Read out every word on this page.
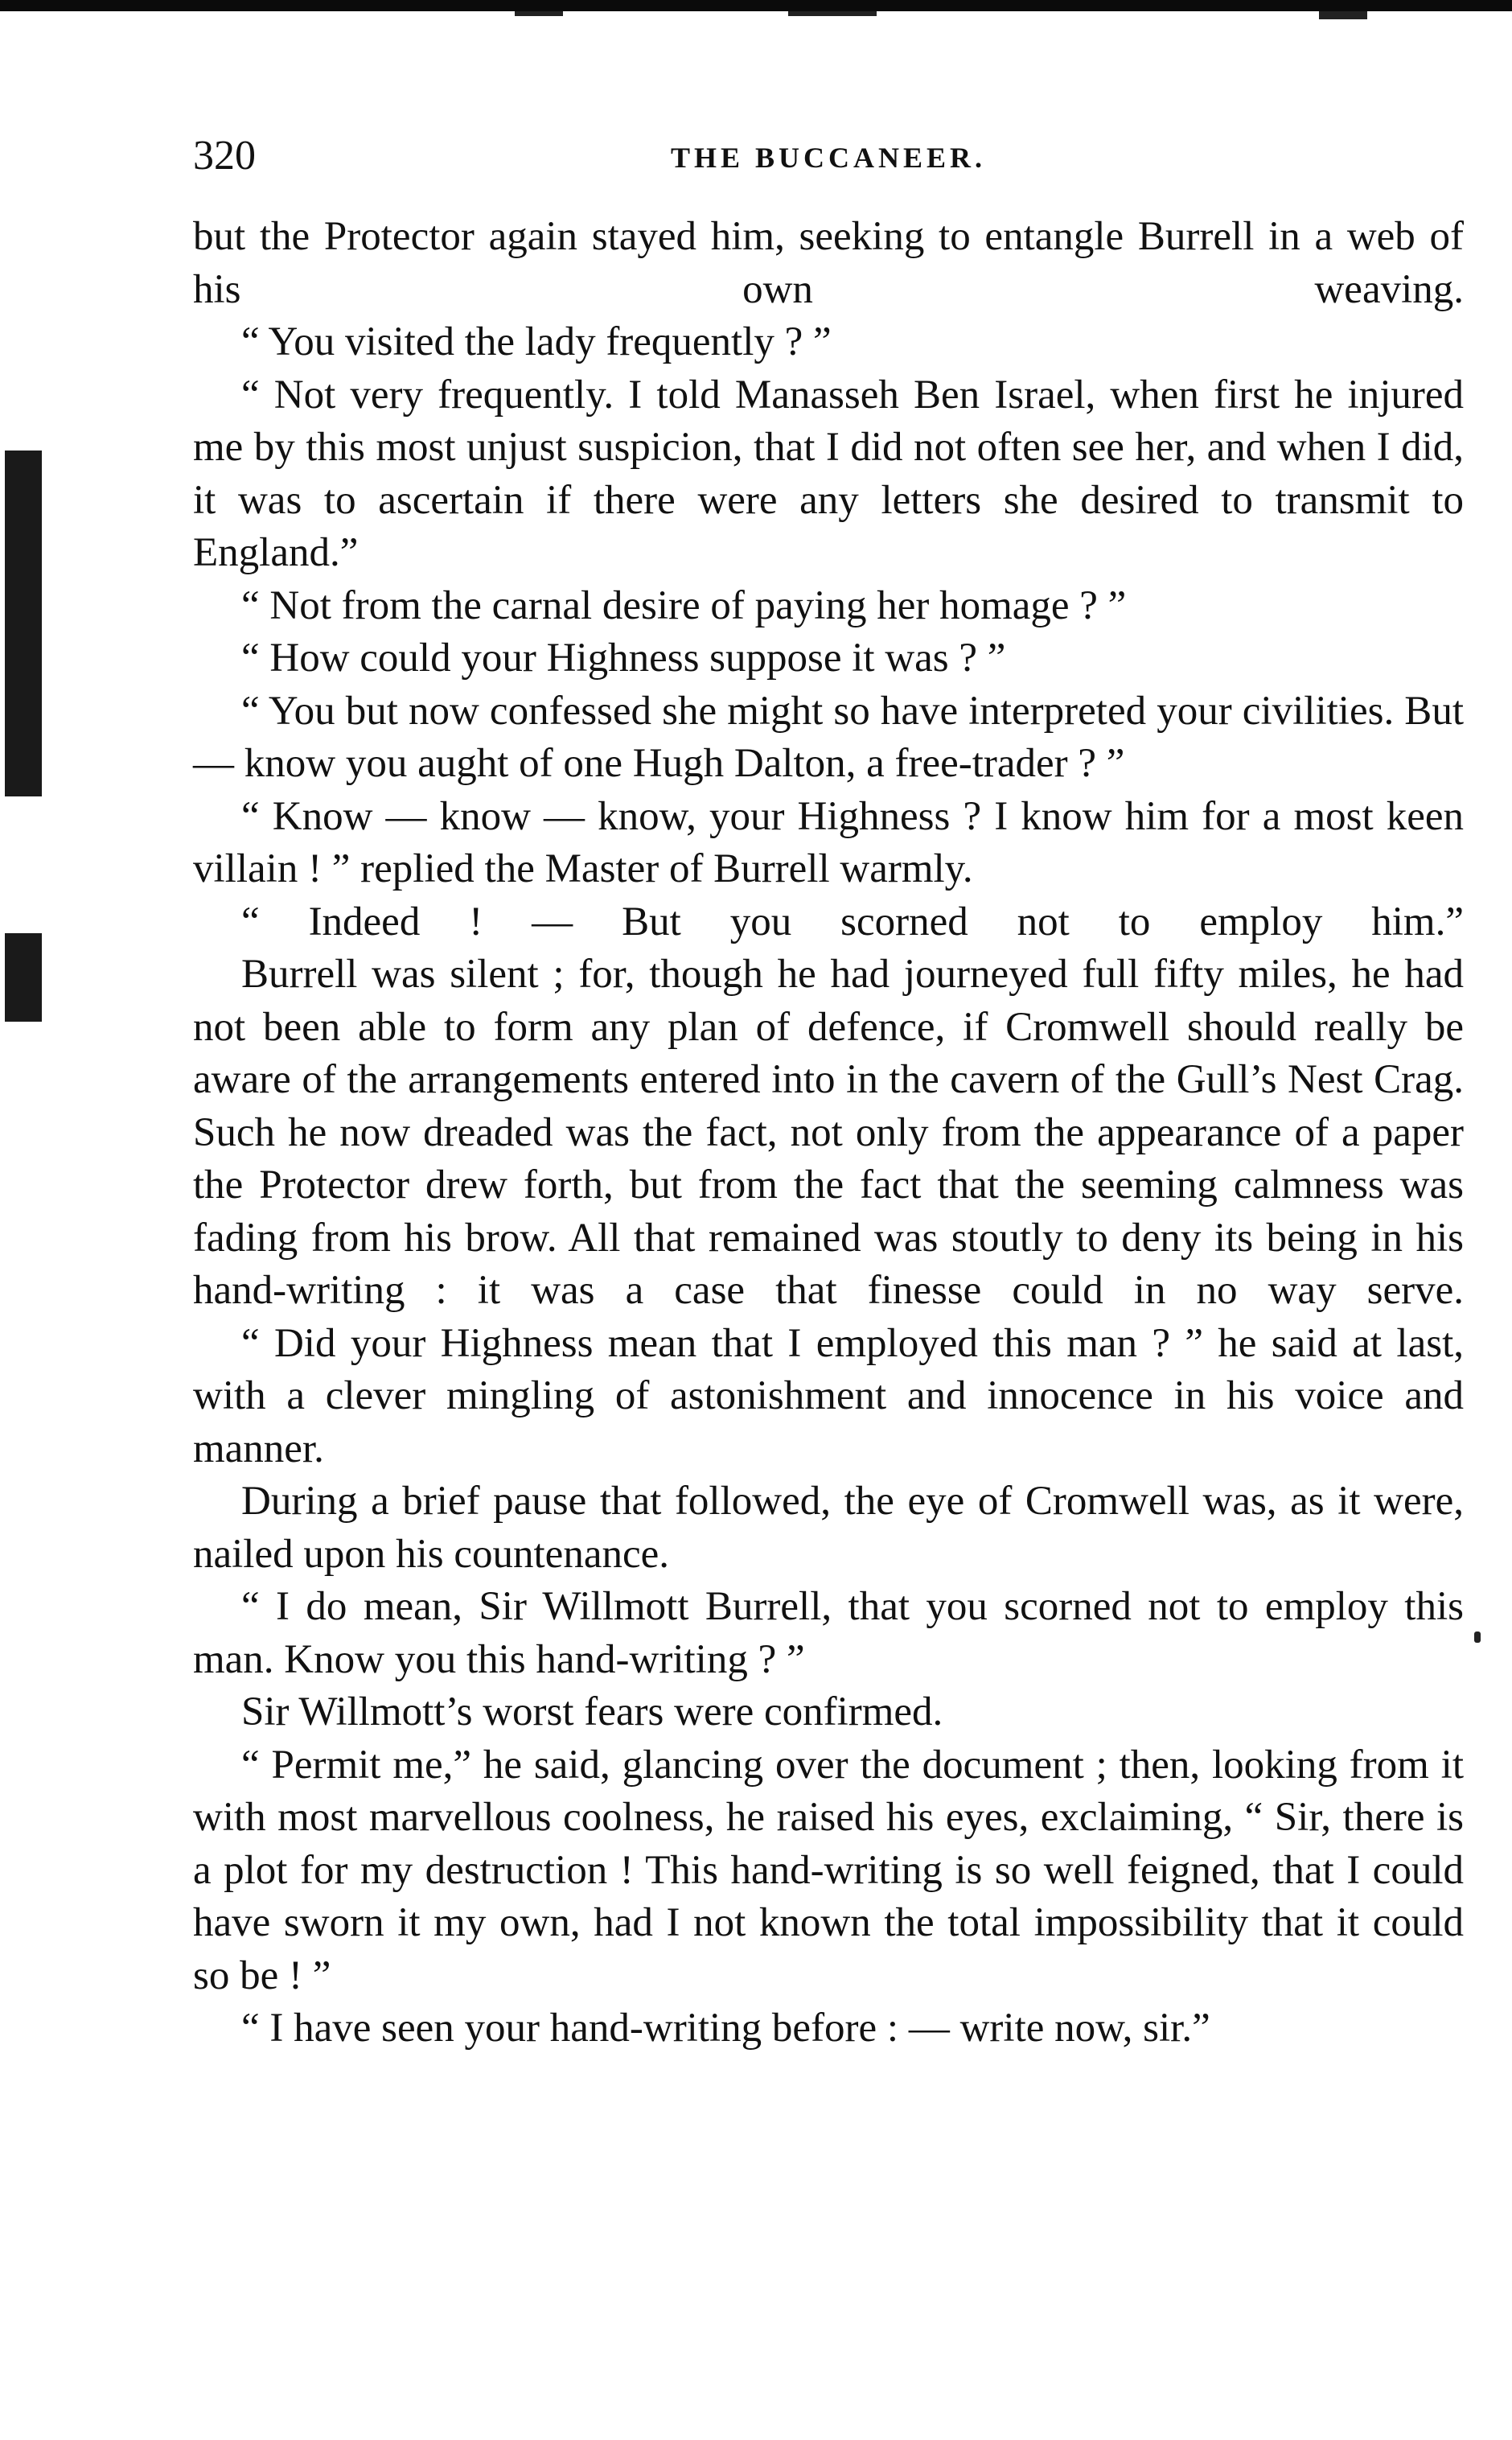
320	THE BUCCANEER.

but the Protector again stayed him, seeking to entangle Burrell in a web of his own weaving.

“ You visited the lady frequently ? ”

“ Not very frequently. I told Manasseh Ben Israel, when first he injured me by this most unjust suspicion, that I did not often see her, and when I did, it was to ascertain if there were any letters she desired to transmit to England.”

“ Not from the carnal desire of paying her homage ? ”

“ How could your Highness suppose it was ? ”

“ You but now confessed she might so have interpreted your civilities. But — know you aught of one Hugh Dalton, a free-trader ? ”

“ Know — know — know, your Highness ? I know him for a most keen villain ! ” replied the Master of Burrell warmly.

“ Indeed ! — But you scorned not to employ him.”

Burrell was silent ; for, though he had journeyed full fifty miles, he had not been able to form any plan of defence, if Cromwell should really be aware of the arrangements entered into in the cavern of the Gull’s Nest Crag. Such he now dreaded was the fact, not only from the appearance of a paper the Protector drew forth, but from the fact that the seeming calmness was fading from his brow. All that remained was stoutly to deny its being in his hand-writing : it was a case that finesse could in no way serve.

“ Did your Highness mean that I employed this man ? ” he said at last, with a clever mingling of astonishment and innocence in his voice and manner.

During a brief pause that followed, the eye of Cromwell was, as it were, nailed upon his countenance.

“ I do mean, Sir Willmott Burrell, that you scorned not to employ this man. Know you this hand-writing ? ”

Sir Willmott’s worst fears were confirmed.

“ Permit me,” he said, glancing over the document ; then, looking from it with most marvellous coolness, he raised his eyes, exclaiming, “ Sir, there is a plot for my destruction ! This hand-writing is so well feigned, that I could have sworn it my own, had I not known the total impossibility that it could so be ! ”

“ I have seen your hand-writing before : — write now, sir.”
